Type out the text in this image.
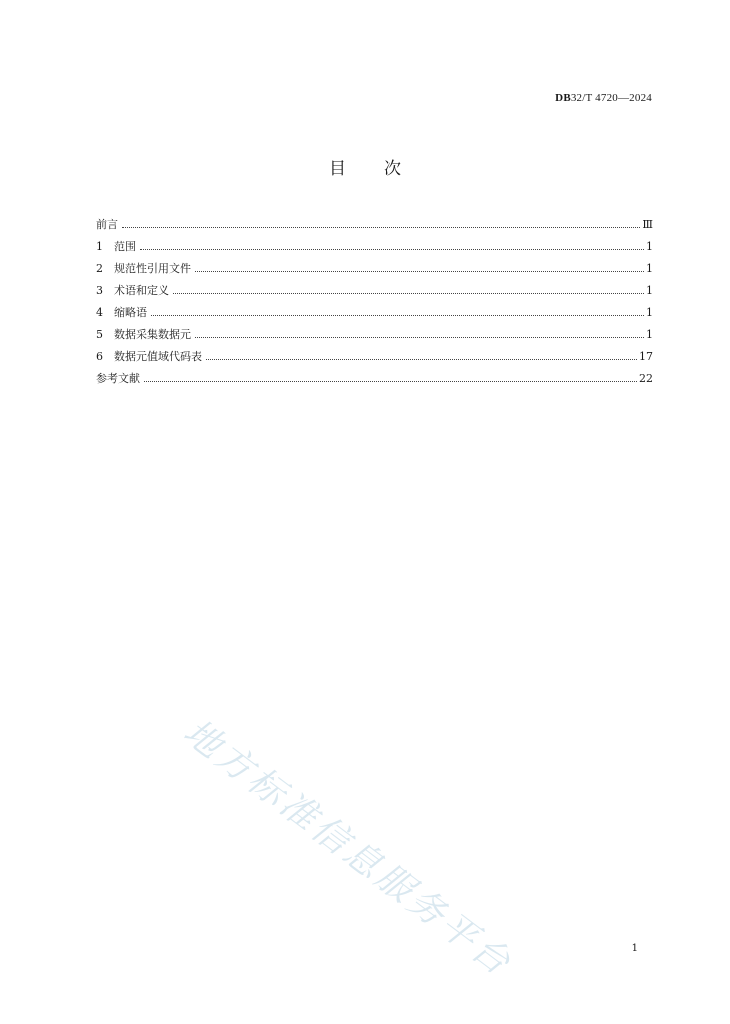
DB32/T 4720—2024
目次
前言	Ⅲ
1	范围	1
2	规范性引用文件	1
3	术语和定义	1
4	缩略语	1
5	数据采集数据元	1
6	数据元值域代码表	17
参考文献	22
地方标准信息服务平台	1
